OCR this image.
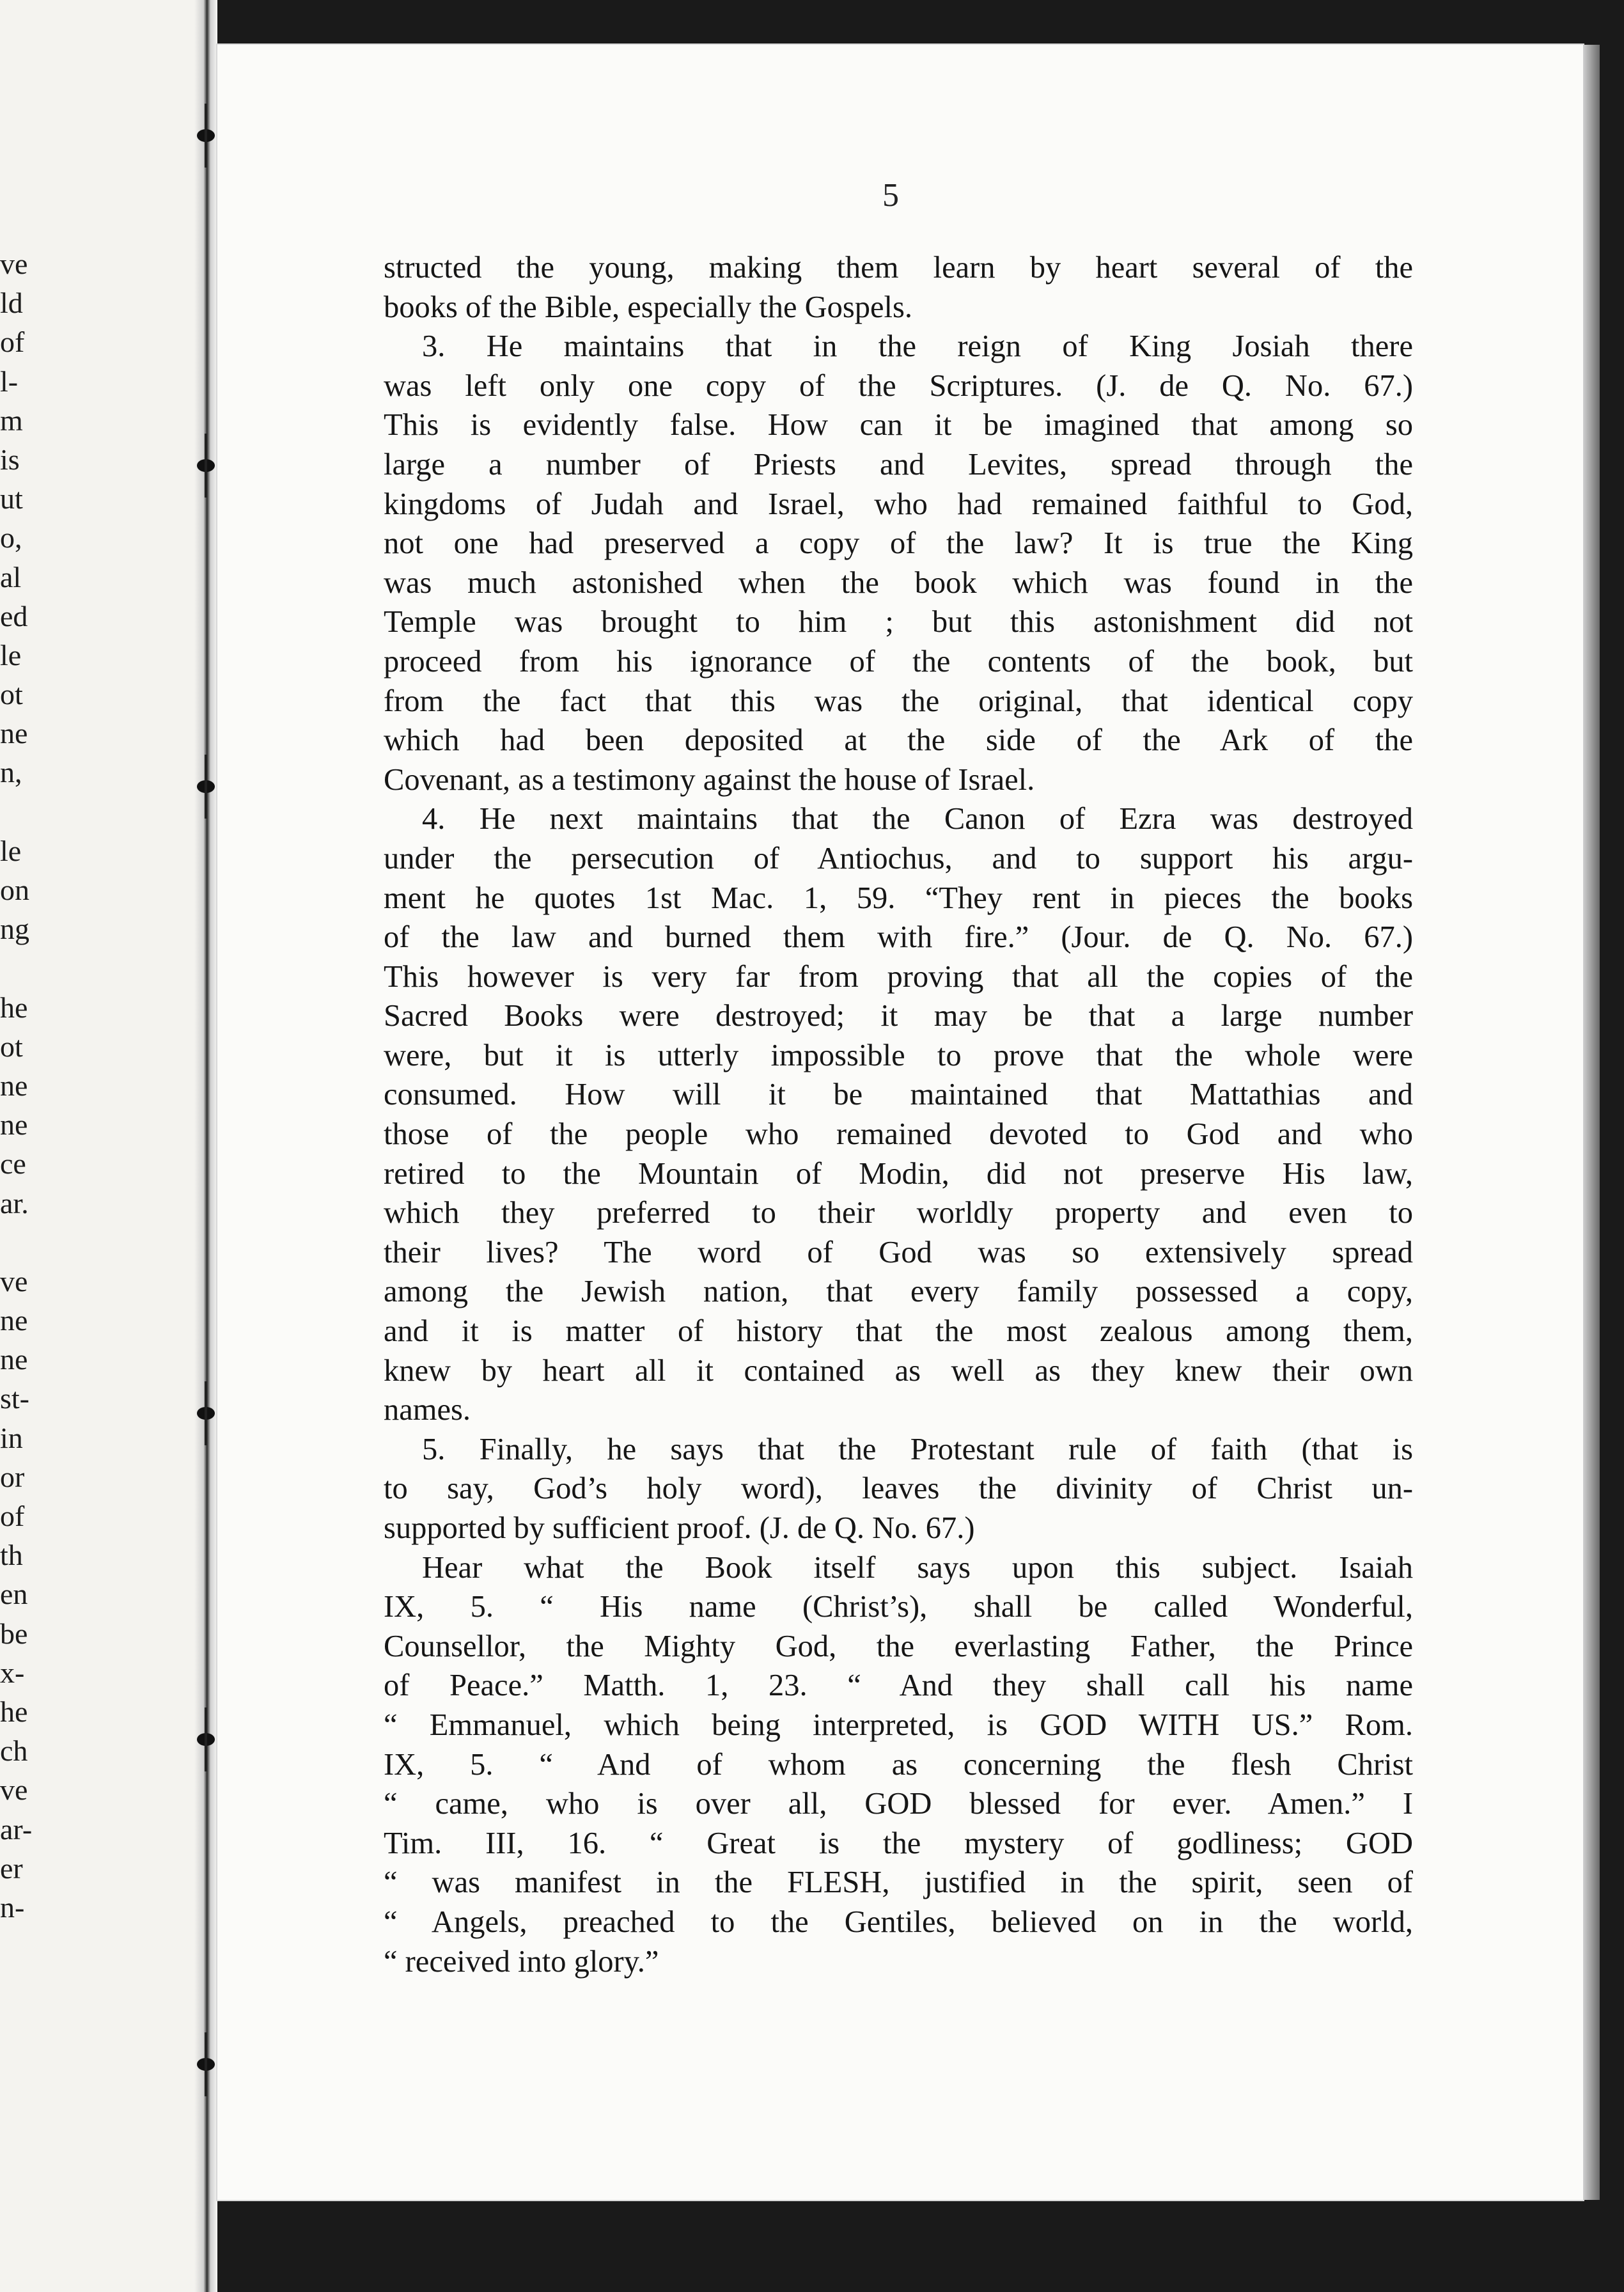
ve
ld
of
l-
m
is
ut
o,
al
ed
le
ot
ne
n,
le
on
ng
he
ot
ne
ne
ce
ar.
ve
ne
ne
st-
in
or
of
th
en
be
x-
he
ch
ve
ar-
er
n-
5
structed the young, making them learn by heart several of the
books of the Bible, especially the Gospels.
3. He maintains that in the reign of King Josiah there
was left only one copy of the Scriptures. (J. de Q. No. 67.)
This is evidently false. How can it be imagined that among so
large a number of Priests and Levites, spread through the
kingdoms of Judah and Israel, who had remained faithful to God,
not one had preserved a copy of the law? It is true the King
was much astonished when the book which was found in the
Temple was brought to him ; but this astonishment did not
proceed from his ignorance of the contents of the book, but
from the fact that this was the original, that identical copy
which had been deposited at the side of the Ark of the
Covenant, as a testimony against the house of Israel.
4. He next maintains that the Canon of Ezra was destroyed
under the persecution of Antiochus, and to support his argu-
ment he quotes 1st Mac. 1, 59. “They rent in pieces the books
of the law and burned them with fire.” (Jour. de Q. No. 67.)
This however is very far from proving that all the copies of the
Sacred Books were destroyed; it may be that a large number
were, but it is utterly impossible to prove that the whole were
consumed. How will it be maintained that Mattathias and
those of the people who remained devoted to God and who
retired to the Mountain of Modin, did not preserve His law,
which they preferred to their worldly property and even to
their lives? The word of God was so extensively spread
among the Jewish nation, that every family possessed a copy,
and it is matter of history that the most zealous among them,
knew by heart all it contained as well as they knew their own
names.
5. Finally, he says that the Protestant rule of faith (that is
to say, God’s holy word), leaves the divinity of Christ un-
supported by sufficient proof. (J. de Q. No. 67.)
Hear what the Book itself says upon this subject. Isaiah
IX, 5. “ His name (Christ’s), shall be called Wonderful,
Counsellor, the Mighty God, the everlasting Father, the Prince
of Peace.” Matth. 1, 23. “ And they shall call his name
“ Emmanuel, which being interpreted, is GOD WITH US.” Rom.
IX, 5. “ And of whom as concerning the flesh Christ
“ came, who is over all, GOD blessed for ever. Amen.” I
Tim. III, 16. “ Great is the mystery of godliness; GOD
“ was manifest in the FLESH, justified in the spirit, seen of
“ Angels, preached to the Gentiles, believed on in the world,
“ received into glory.”
